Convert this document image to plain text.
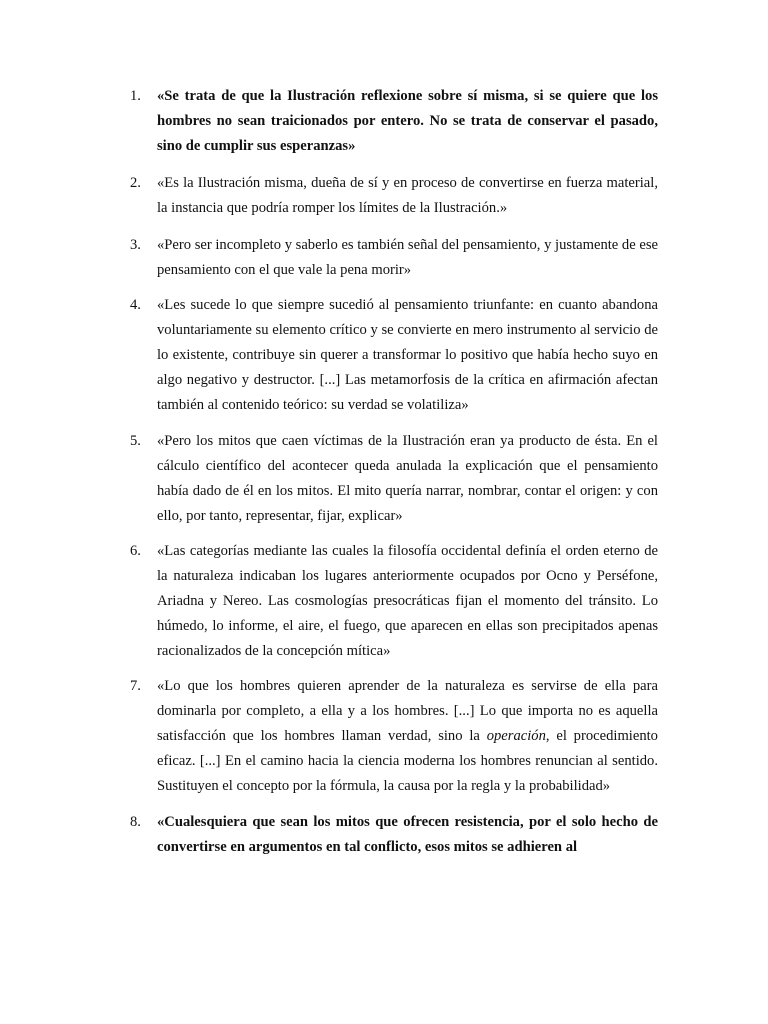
1. «Se trata de que la Ilustración reflexione sobre sí misma, si se quiere que los hombres no sean traicionados por entero. No se trata de conservar el pasado, sino de cumplir sus esperanzas»
2. «Es la Ilustración misma, dueña de sí y en proceso de convertirse en fuerza material, la instancia que podría romper los límites de la Ilustración.»
3. «Pero ser incompleto y saberlo es también señal del pensamiento, y justamente de ese pensamiento con el que vale la pena morir»
4. «Les sucede lo que siempre sucedió al pensamiento triunfante: en cuanto abandona voluntariamente su elemento crítico y se convierte en mero instrumento al servicio de lo existente, contribuye sin querer a transformar lo positivo que había hecho suyo en algo negativo y destructor. [...] Las metamorfosis de la crítica en afirmación afectan también al contenido teórico: su verdad se volatiliza»
5. «Pero los mitos que caen víctimas de la Ilustración eran ya producto de ésta. En el cálculo científico del acontecer queda anulada la explicación que el pensamiento había dado de él en los mitos. El mito quería narrar, nombrar, contar el origen: y con ello, por tanto, representar, fijar, explicar»
6. «Las categorías mediante las cuales la filosofía occidental definía el orden eterno de la naturaleza indicaban los lugares anteriormente ocupados por Ocno y Perséfone, Ariadna y Nereo. Las cosmologías presocráticas fijan el momento del tránsito. Lo húmedo, lo informe, el aire, el fuego, que aparecen en ellas son precipitados apenas racionalizados de la concepción mítica»
7. «Lo que los hombres quieren aprender de la naturaleza es servirse de ella para dominarla por completo, a ella y a los hombres. [...] Lo que importa no es aquella satisfacción que los hombres llaman verdad, sino la operación, el procedimiento eficaz. [...] En el camino hacia la ciencia moderna los hombres renuncian al sentido. Sustituyen el concepto por la fórmula, la causa por la regla y la probabilidad»
8. «Cualesquiera que sean los mitos que ofrecen resistencia, por el solo hecho de convertirse en argumentos en tal conflicto, esos mitos se adhieren al
